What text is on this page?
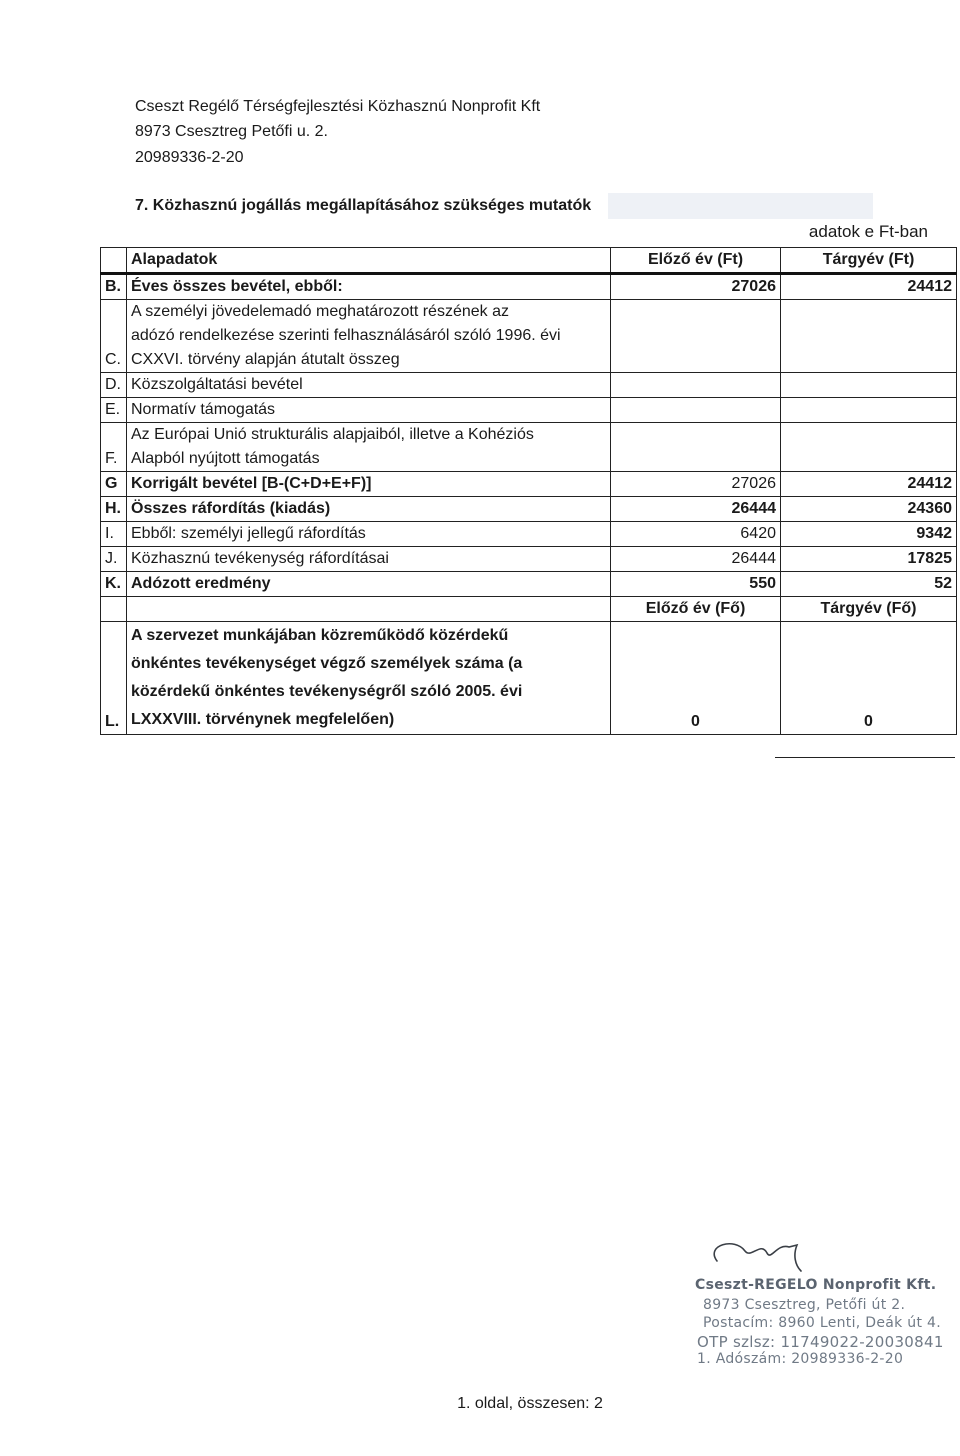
Cseszt Regélő Térségfejlesztési Közhasznú Nonprofit Kft
8973 Csesztreg Petőfi u. 2.
20989336-2-20
7. Közhasznú jogállás megállapításához szükséges mutatók
adatok e Ft-ban
	Alapadatok	Előző év (Ft)	Tárgyév (Ft)
B.	Éves összes bevétel, ebből:	27026	24412
C.	A személyi jövedelemadó meghatározott részének az
adózó rendelkezése szerinti felhasználásáról szóló 1996. évi
CXXVI. törvény alapján átutalt összeg		
D.	Közszolgáltatási bevétel		
E.	Normatív támogatás		
F.	Az Európai Unió strukturális alapjaiból, illetve a Kohéziós
Alapból nyújtott támogatás		
G	Korrigált bevétel [B-(C+D+E+F)]	27026	24412
H.	Összes ráfordítás (kiadás)	26444	24360
I.	Ebből: személyi jellegű ráfordítás	6420	9342
J.	Közhasznú tevékenység ráfordításai	26444	17825
K.	Adózott eredmény	550	52
		Előző év (Fő)	Tárgyév (Fő)
L.	A szervezet munkájában közreműködő közérdekű
önkéntes tevékenységet végző személyek száma (a
közérdekű önkéntes tevékenységről szóló 2005. évi
LXXXVIII. törvénynek megfelelően)	0	0
Cseszt-REGELO Nonprofit Kft.
8973 Csesztreg, Petőfi út 2.
Postacím: 8960 Lenti, Deák út 4.
OTP szlsz: 11749022-20030841
1. Adószám: 20989336-2-20
1. oldal, összesen: 2
